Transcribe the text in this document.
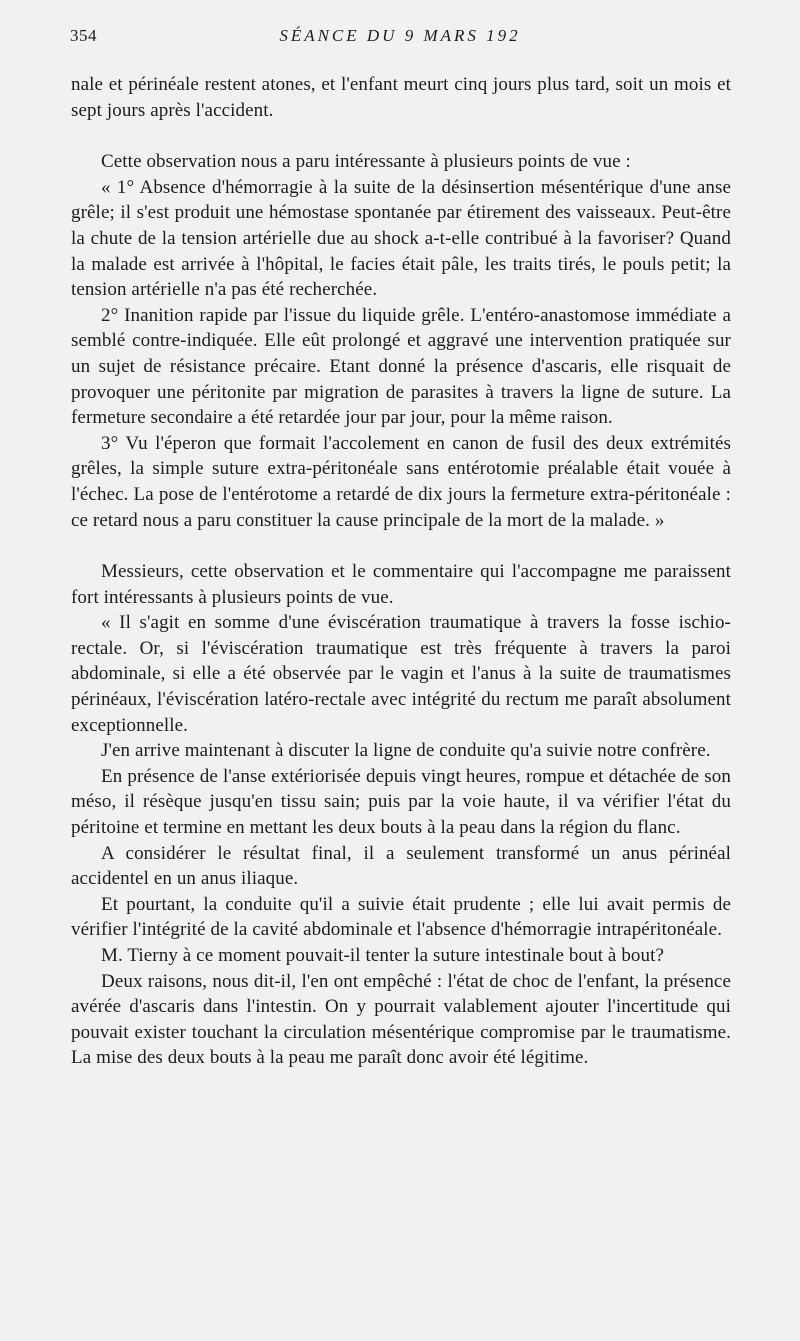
354	SÉANCE DU 9 MARS 192

nale et périnéale restent atones, et l'enfant meurt cinq jours plus tard, soit un mois et sept jours après l'accident.

Cette observation nous a paru intéressante à plusieurs points de vue :

« 1° Absence d'hémorragie à la suite de la désinsertion mésentérique d'une anse grêle; il s'est produit une hémostase spontanée par étirement des vaisseaux. Peut-être la chute de la tension artérielle due au shock a-t-elle contribué à la favoriser? Quand la malade est arrivée à l'hôpital, le facies était pâle, les traits tirés, le pouls petit; la tension artérielle n'a pas été recherchée.

2° Inanition rapide par l'issue du liquide grêle. L'entéro-anastomose immédiate a semblé contre-indiquée. Elle eût prolongé et aggravé une intervention pratiquée sur un sujet de résistance précaire. Etant donné la présence d'ascaris, elle risquait de provoquer une péritonite par migration de parasites à travers la ligne de suture. La fermeture secondaire a été retardée jour par jour, pour la même raison.

3° Vu l'éperon que formait l'accolement en canon de fusil des deux extrémités grêles, la simple suture extra-péritonéale sans entérotomie préalable était vouée à l'échec. La pose de l'entérotome a retardé de dix jours la fermeture extra-péritonéale : ce retard nous a paru constituer la cause principale de la mort de la malade. »

Messieurs, cette observation et le commentaire qui l'accompagne me paraissent fort intéressants à plusieurs points de vue.

« Il s'agit en somme d'une éviscération traumatique à travers la fosse ischio-rectale. Or, si l'éviscération traumatique est très fréquente à travers la paroi abdominale, si elle a été observée par le vagin et l'anus à la suite de traumatismes périnéaux, l'éviscération latéro-rectale avec intégrité du rectum me paraît absolument exceptionnelle.

J'en arrive maintenant à discuter la ligne de conduite qu'a suivie notre confrère.

En présence de l'anse extériorisée depuis vingt heures, rompue et détachée de son méso, il résèque jusqu'en tissu sain; puis par la voie haute, il va vérifier l'état du péritoine et termine en mettant les deux bouts à la peau dans la région du flanc.

A considérer le résultat final, il a seulement transformé un anus périnéal accidentel en un anus iliaque.

Et pourtant, la conduite qu'il a suivie était prudente ; elle lui avait permis de vérifier l'intégrité de la cavité abdominale et l'absence d'hémorragie intrapéritonéale.

M. Tierny à ce moment pouvait-il tenter la suture intestinale bout à bout?

Deux raisons, nous dit-il, l'en ont empêché : l'état de choc de l'enfant, la présence avérée d'ascaris dans l'intestin. On y pourrait valablement ajouter l'incertitude qui pouvait exister touchant la circulation mésentérique compromise par le traumatisme. La mise des deux bouts à la peau me paraît donc avoir été légitime.
